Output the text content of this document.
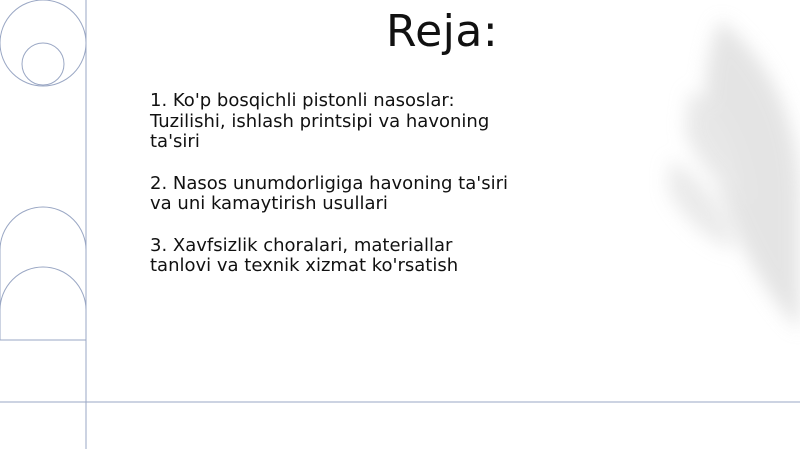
Reja:
1. Ko'p bosqichli pistonli nasoslar: Tuzilishi, ishlash printsipi va havoning ta'siri
2. Nasos unumdorligiga havoning ta'siri va uni kamaytirish usullari
3. Xavfsizlik choralari, materiallar tanlovi va texnik xizmat ko'rsatish
